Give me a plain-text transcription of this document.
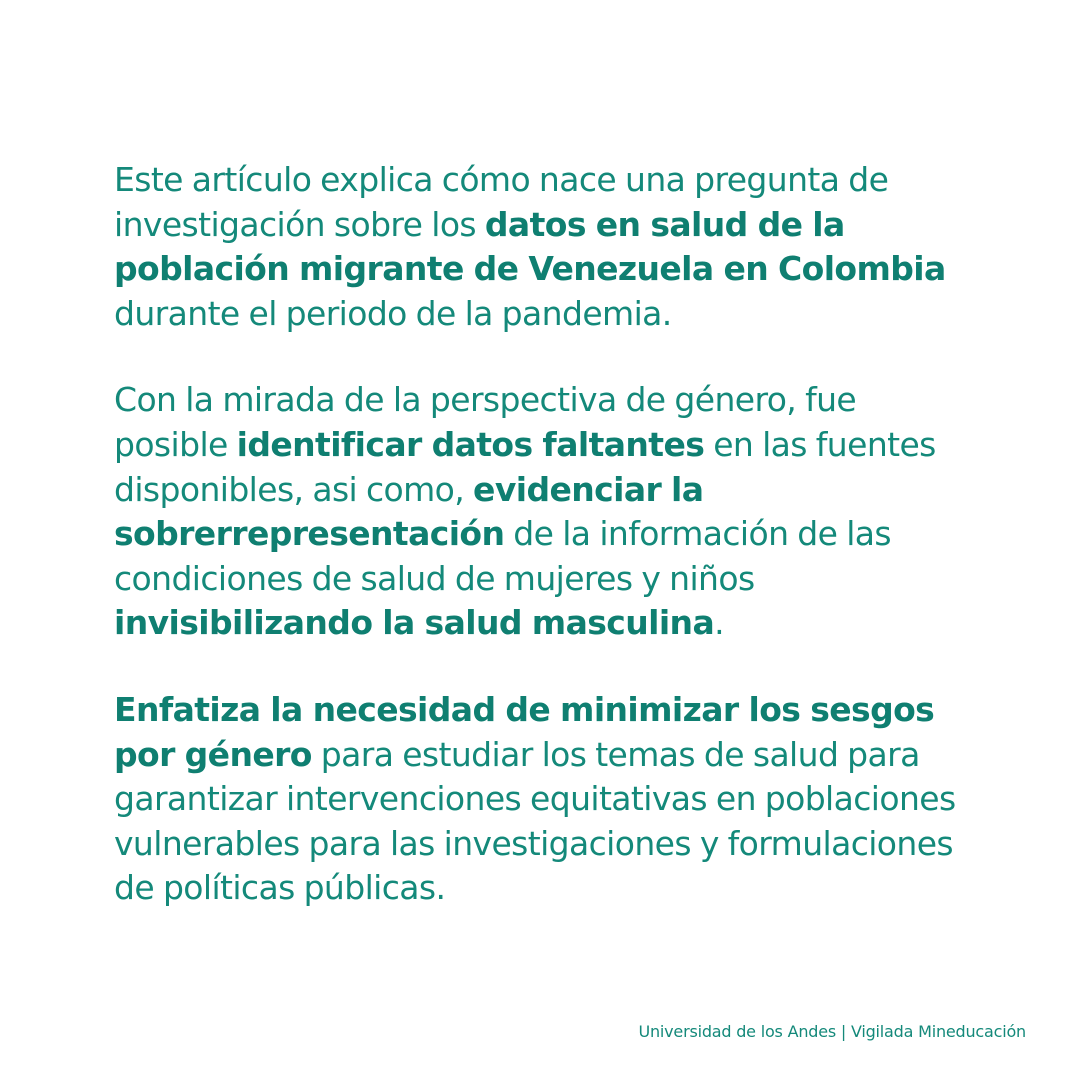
Este artículo explica cómo nace una pregunta de investigación sobre los datos en salud de la población migrante de Venezuela en Colombia durante el periodo de la pandemia.

Con la mirada de la perspectiva de género, fue posible identificar datos faltantes en las fuentes disponibles, asi como, evidenciar la sobrerrepresentación de la información de las condiciones de salud de mujeres y niños invisibilizando la salud masculina.

Enfatiza la necesidad de minimizar los sesgos por género para estudiar los temas de salud para garantizar intervenciones equitativas en poblaciones vulnerables para las investigaciones y formulaciones de políticas públicas.

Universidad de los Andes | Vigilada Mineducación
